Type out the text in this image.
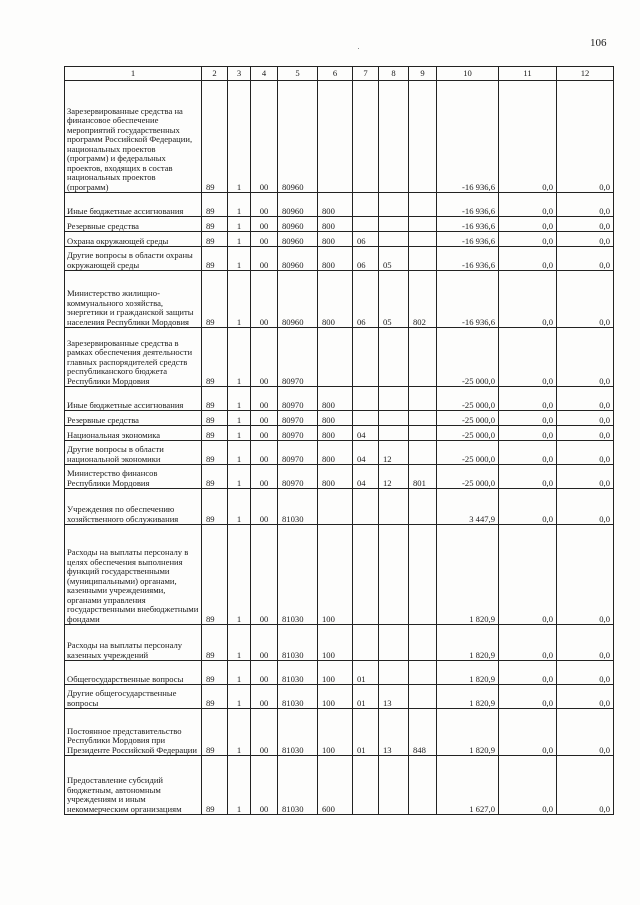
106
1	2	3	4	5	6	7	8	9	10	11	12
Зарезервированные средства на финансовое обеспечение мероприятий государственных программ Российской Федерации, национальных проектов (программ) и федеральных проектов, входящих в состав национальных проектов (программ)	89	1	00	80960					-16 936,6	0,0	0,0
Иные бюджетные ассигнования	89	1	00	80960	800				-16 936,6	0,0	0,0
Резервные средства	89	1	00	80960	800				-16 936,6	0,0	0,0
Охрана окружающей среды	89	1	00	80960	800	06			-16 936,6	0,0	0,0
Другие вопросы в области охраны окружающей среды	89	1	00	80960	800	06	05		-16 936,6	0,0	0,0
Министерство жилищно-коммунального хозяйства, энергетики и гражданской защиты населения Республики Мордовия	89	1	00	80960	800	06	05	802	-16 936,6	0,0	0,0
Зарезервированные средства в рамках обеспечения деятельности главных распорядителей средств республиканского бюджета Республики Мордовия	89	1	00	80970					-25 000,0	0,0	0,0
Иные бюджетные ассигнования	89	1	00	80970	800				-25 000,0	0,0	0,0
Резервные средства	89	1	00	80970	800				-25 000,0	0,0	0,0
Национальная экономика	89	1	00	80970	800	04			-25 000,0	0,0	0,0
Другие вопросы в области национальной экономики	89	1	00	80970	800	04	12		-25 000,0	0,0	0,0
Министерство финансов Республики Мордовия	89	1	00	80970	800	04	12	801	-25 000,0	0,0	0,0
Учреждения по обеспечению хозяйственного обслуживания	89	1	00	81030					3 447,9	0,0	0,0
Расходы на выплаты персоналу в целях обеспечения выполнения функций государственными (муниципальными) органами, казенными учреждениями, органами управления государственными внебюджетными фондами	89	1	00	81030	100				1 820,9	0,0	0,0
Расходы на выплаты персоналу казенных учреждений	89	1	00	81030	100				1 820,9	0,0	0,0
Общегосударственные вопросы	89	1	00	81030	100	01			1 820,9	0,0	0,0
Другие общегосударственные вопросы	89	1	00	81030	100	01	13		1 820,9	0,0	0,0
Постоянное представительство Республики Мордовия при Президенте Российской Федерации	89	1	00	81030	100	01	13	848	1 820,9	0,0	0,0
Предоставление субсидий бюджетным, автономным учреждениям и иным некоммерческим организациям	89	1	00	81030	600				1 627,0	0,0	0,0
